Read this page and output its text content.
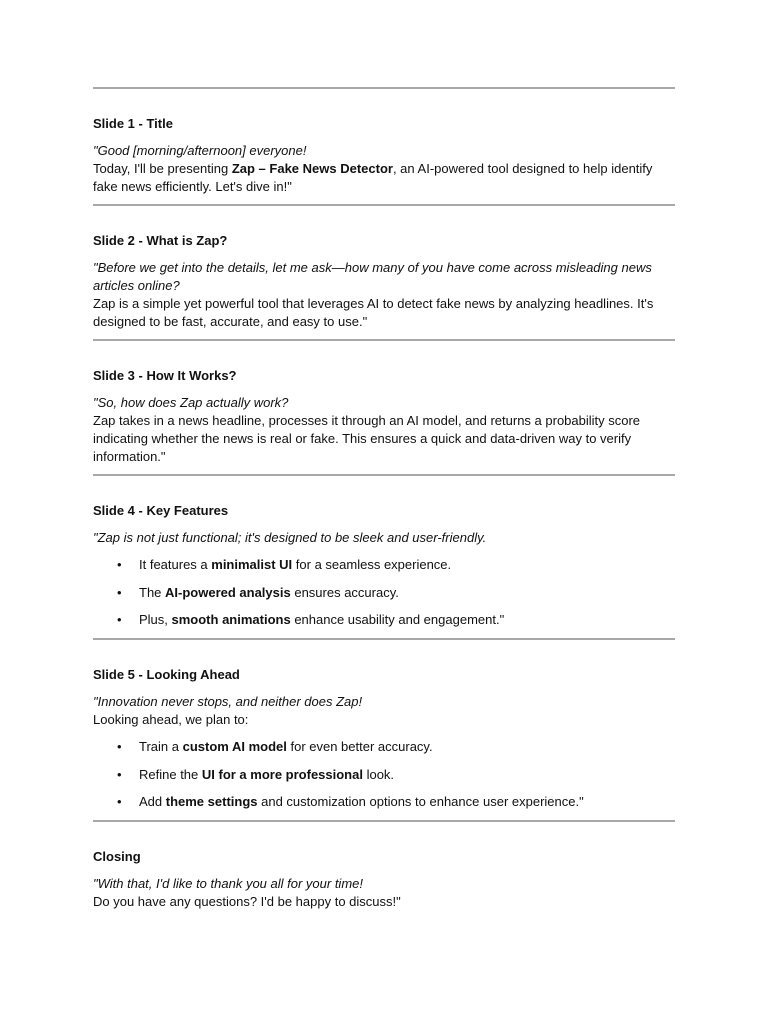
Slide 1 - Title
"Good [morning/afternoon] everyone!
Today, I'll be presenting Zap – Fake News Detector, an AI-powered tool designed to help identify fake news efficiently. Let's dive in!"
Slide 2 - What is Zap?
"Before we get into the details, let me ask—how many of you have come across misleading news articles online?
Zap is a simple yet powerful tool that leverages AI to detect fake news by analyzing headlines. It's designed to be fast, accurate, and easy to use."
Slide 3 - How It Works?
"So, how does Zap actually work?
Zap takes in a news headline, processes it through an AI model, and returns a probability score indicating whether the news is real or fake. This ensures a quick and data-driven way to verify information."
Slide 4 - Key Features
"Zap is not just functional; it's designed to be sleek and user-friendly.
• It features a minimalist UI for a seamless experience.
• The AI-powered analysis ensures accuracy.
• Plus, smooth animations enhance usability and engagement."
Slide 5 - Looking Ahead
"Innovation never stops, and neither does Zap!
Looking ahead, we plan to:
• Train a custom AI model for even better accuracy.
• Refine the UI for a more professional look.
• Add theme settings and customization options to enhance user experience."
Closing
"With that, I'd like to thank you all for your time!
Do you have any questions? I'd be happy to discuss!"
